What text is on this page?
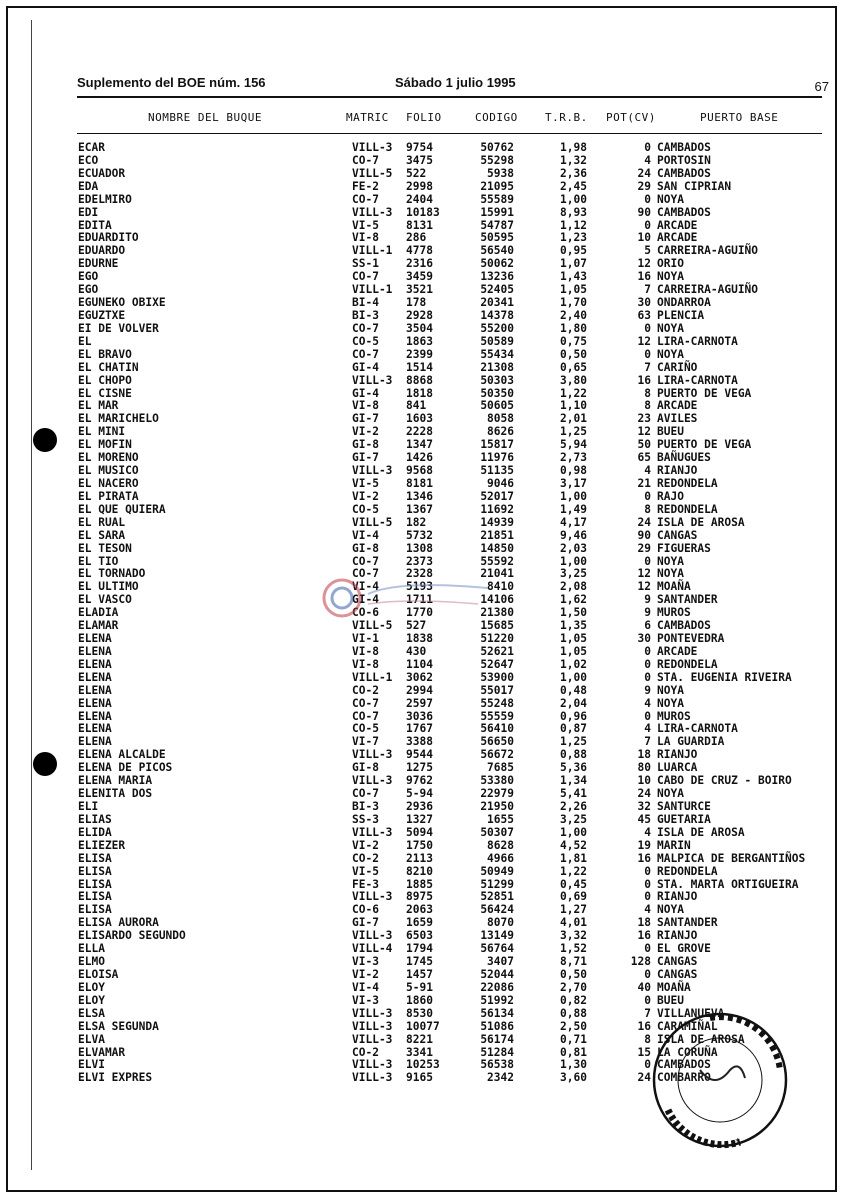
Suplemento del BOE núm. 156	Sábado 1 julio 1995	67
NOMBRE DEL BUQUE	MATRIC FOLIO	CODIGO T.R.B. POT(CV)	PUERTO BASE
ECAR	VILL-3 9754	50762	1,98	0 CAMBADOS
ECO	CO-7 3475	55298	1,32	4 PORTOSIN
ECUADOR	VILL-5 522	5938	2,36	24 CAMBADOS
EDA	FE-2 2998	21095	2,45	29 SAN CIPRIAN
EDELMIRO	CO-7 2404	55589	1,00	0 NOYA
EDI	VILL-3 10183	15991	8,93	90 CAMBADOS
EDITA	VI-5 8131	54787	1,12	0 ARCADE
EDUARDITO	VI-8 286	50595	1,23	10 ARCADE
EDUARDO	VILL-1 4778	56540	0,95	5 CARREIRA-AGUIÑO
EDURNE	SS-1 2316	50062	1,07	12 ORIO
EGO	CO-7 3459	13236	1,43	16 NOYA
EGO	VILL-1 3521	52405	1,05	7 CARREIRA-AGUIÑO
EGUNEKO OBIXE	BI-4 178	20341	1,70	30 ONDARROA
EGUZTXE	BI-3 2928	14378	2,40	63 PLENCIA
EI DE VOLVER	CO-7 3504	55200	1,80	0 NOYA
EL	CO-5 1863	50589	0,75	12 LIRA-CARNOTA
EL BRAVO	CO-7 2399	55434	0,50	0 NOYA
EL CHATIN	GI-4 1514	21308	0,65	7 CARIÑO
EL CHOPO	VILL-3 8868	50303	3,80	16 LIRA-CARNOTA
EL CISNE	GI-4 1818	50350	1,22	8 PUERTO DE VEGA
EL MAR	VI-8 841	50605	1,10	8 ARCADE
EL MARICHELO	GI-7 1603	8058	2,01	23 AVILES
EL MINI	VI-2 2228	8626	1,25	12 BUEU
EL MOFIN	GI-8 1347	15817	5,94	50 PUERTO DE VEGA
EL MORENO	GI-7 1426	11976	2,73	65 BAÑUGUES
EL MUSICO	VILL-3 9568	51135	0,98	4 RIANJO
EL NACERO	VI-5 8181	9046	3,17	21 REDONDELA
EL PIRATA	VI-2 1346	52017	1,00	0 RAJO
EL QUE QUIERA	CO-5 1367	11692	1,49	8 REDONDELA
EL RUAL	VILL-5 182	14939	4,17	24 ISLA DE AROSA
EL SARA	VI-4 5732	21851	9,46	90 CANGAS
EL TESON	GI-8 1308	14850	2,03	29 FIGUERAS
EL TIO	CO-7 2373	55592	1,00	0 NOYA
EL TORNADO	CO-7 2328	21041	3,25	12 NOYA
EL ULTIMO	VI-4 5193	8410	2,08	12 MOAÑA
EL VASCO	GI-4 1711	14106	1,62	9 SANTANDER
ELADIA	CO-6 1770	21380	1,50	9 MUROS
ELAMAR	VILL-5 527	15685	1,35	6 CAMBADOS
ELENA	VI-1 1838	51220	1,05	30 PONTEVEDRA
ELENA	VI-8 430	52621	1,05	0 ARCADE
ELENA	VI-8 1104	52647	1,02	0 REDONDELA
ELENA	VILL-1 3062	53900	1,00	0 STA. EUGENIA RIVEIRA
ELENA	CO-2 2994	55017	0,48	9 NOYA
ELENA	CO-7 2597	55248	2,04	4 NOYA
ELENA	CO-7 3036	55559	0,96	0 MUROS
ELENA	CO-5 1767	56410	0,87	4 LIRA-CARNOTA
ELENA	VI-7 3388	56650	1,25	7 LA GUARDIA
ELENA ALCALDE	VILL-3 9544	56672	0,88	18 RIANJO
ELENA DE PICOS	GI-8 1275	7685	5,36	80 LUARCA
ELENA MARIA	VILL-3 9762	53380	1,34	10 CABO DE CRUZ - BOIRO
ELENITA DOS	CO-7 5-94	22979	5,41	24 NOYA
ELI	BI-3 2936	21950	2,26	32 SANTURCE
ELIAS	SS-3 1327	1655	3,25	45 GUETARIA
ELIDA	VILL-3 5094	50307	1,00	4 ISLA DE AROSA
ELIEZER	VI-2 1750	8628	4,52	19 MARIN
ELISA	CO-2 2113	4966	1,81	16 MALPICA DE BERGANTIÑOS
ELISA	VI-5 8210	50949	1,22	0 REDONDELA
ELISA	FE-3 1885	51299	0,45	0 STA. MARTA ORTIGUEIRA
ELISA	VILL-3 8975	52851	0,69	0 RIANJO
ELISA	CO-6 2063	56424	1,27	4 NOYA
ELISA AURORA	GI-7 1659	8070	4,01	18 SANTANDER
ELISARDO SEGUNDO	VILL-3 6503	13149	3,32	16 RIANJO
ELLA	VILL-4 1794	56764	1,52	0 EL GROVE
ELMO	VI-3 1745	3407	8,71	128 CANGAS
ELOISA	VI-2 1457	52044	0,50	0 CANGAS
ELOY	VI-4 5-91	22086	2,70	40 MOAÑA
ELOY	VI-3 1860	51992	0,82	0 BUEU
ELSA	VILL-3 8530	56134	0,88	7 VILLANUEVA
ELSA SEGUNDA	VILL-3 10077	51086	2,50	16 CARAMIÑAL
ELVA	VILL-3 8221	56174	0,71	8 ISLA DE AROSA
ELVAMAR	CO-2 3341	51284	0,81	15 LA CORUÑA
ELVI	VILL-3 10253	56538	1,30	0 CAMBADOS
ELVI EXPRES	VILL-3 9165	2342	3,60	24 COMBARRO
*
